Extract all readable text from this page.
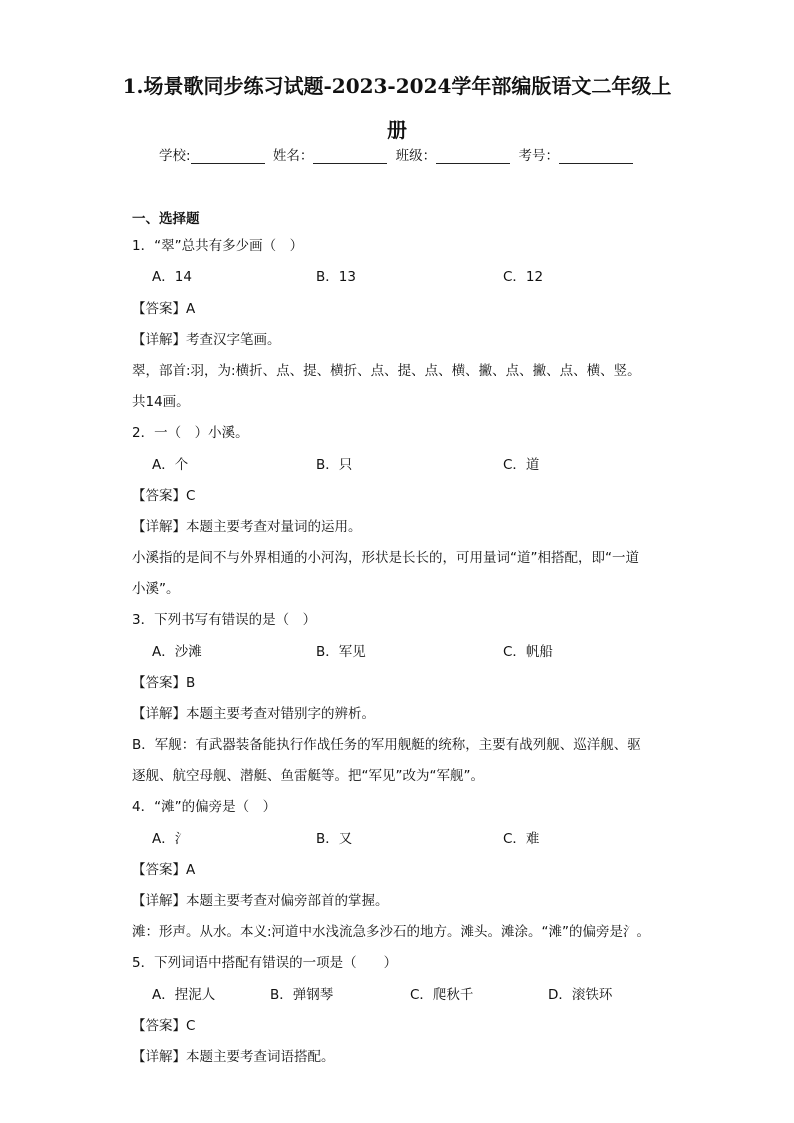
1.场景歌同步练习试题-2023-2024学年部编版语文二年级上
册
学校:	姓名：	班级：	考号：
一、选择题
1．“翠”总共有多少画（　）
A．14	B．13	C．12
【答案】A
【详解】考查汉字笔画。
翠，部首:羽，为:横折、点、提、横折、点、提、点、横、撇、点、撇、点、横、竖。
共14画。
2．一（　）小溪。
A．个	B．只	C．道
【答案】C
【详解】本题主要考查对量词的运用。
小溪指的是间不与外界相通的小河沟，形状是长长的，可用量词“道”相搭配，即“一道
小溪”。
3．下列书写有错误的是（　）
A．沙滩	B．军见	C．帆船
【答案】B
【详解】本题主要考查对错别字的辨析。
B．军舰：有武器装备能执行作战任务的军用舰艇的统称，主要有战列舰、巡洋舰、驱
逐舰、航空母舰、潜艇、鱼雷艇等。把“军见”改为“军舰”。
4．“滩”的偏旁是（　）
A．氵	B．又	C．难
【答案】A
【详解】本题主要考查对偏旁部首的掌握。
滩：形声。从水。本义:河道中水浅流急多沙石的地方。滩头。滩涂。“滩”的偏旁是氵。
5．下列词语中搭配有错误的一项是（　　）
A．捏泥人	B．弹钢琴	C．爬秋千	D．滚铁环
【答案】C
【详解】本题主要考查词语搭配。
